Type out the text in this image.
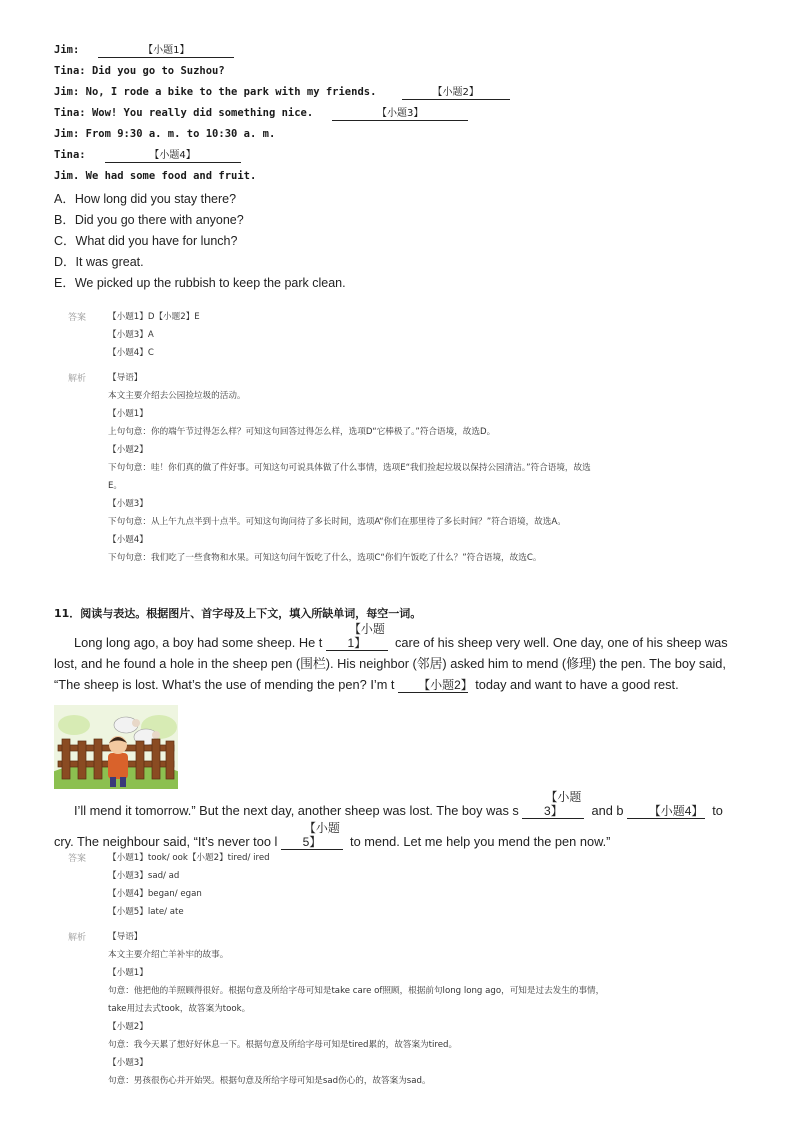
Jim:	【小题1】
Tina: Did you go to Suzhou?
Jim: No, I rode a bike to the park with my friends.	【小题2】
Tina: Wow! You really did something nice.	【小题3】
Jim: From 9:30 a. m. to 10:30 a. m.
Tina:	【小题4】
Jim. We had some food and fruit.
A．How long did you stay there?
B．Did you go there with anyone?
C．What did you have for lunch?
D．It was great.
E．We picked up the rubbish to keep the park clean.
答案	【小题1】D【小题2】E
【小题3】A
【小题4】C
解析	【导语】
本文主要介绍去公园捡垃圾的活动。
【小题1】
上句句意：你的端午节过得怎么样？可知这句回答过得怎么样，选项D“它棒极了。”符合语境，故选D。
【小题2】
下句句意：哇！你们真的做了件好事。可知这句可说具体做了什么事情，选项E“我们捡起垃圾以保持公园清洁。”符合语境，故选
E。
【小题3】
下句句意：从上午九点半到十点半。可知这句询问待了多长时间，选项A“你们在那里待了多长时间？”符合语境，故选A。
【小题4】
下句句意：我们吃了一些食物和水果。可知这句问午饭吃了什么，选项C“你们午饭吃了什么？”符合语境，故选C。
11．阅读与表达。根据图片、首字母及上下文，填入所缺单词，每空一词。
Long long ago, a boy had some sheep. He t 【小题1】 care of his sheep very well. One day, one of his sheep was lost, and he found a hole in the sheep pen (围栏). His neighbor (邻居) asked him to mend (修理) the pen. The boy said, “The sheep is lost. What’s the use of mending the pen? I’m t 【小题2】 today and want to have a good rest.
I’ll mend it tomorrow.” But the next day, another sheep was lost. The boy was s 【小题3】 and b 【小题4】 to cry. The neighbour said, “It’s never too l 【小题5】 to mend. Let me help you mend the pen now.”
答案	【小题1】took/ ook【小题2】tired/ ired
【小题3】sad/ ad
【小题4】began/ egan
【小题5】late/ ate
解析	【导语】
本文主要介绍亡羊补牢的故事。
【小题1】
句意：他把他的羊照顾得很好。根据句意及所给字母可知是take care of照顾，根据前句long long ago，可知是过去发生的事情，
take用过去式took，故答案为took。
【小题2】
句意：我今天累了想好好休息一下。根据句意及所给字母可知是tired累的，故答案为tired。
【小题3】
句意：男孩很伤心并开始哭。根据句意及所给字母可知是sad伤心的，故答案为sad。
